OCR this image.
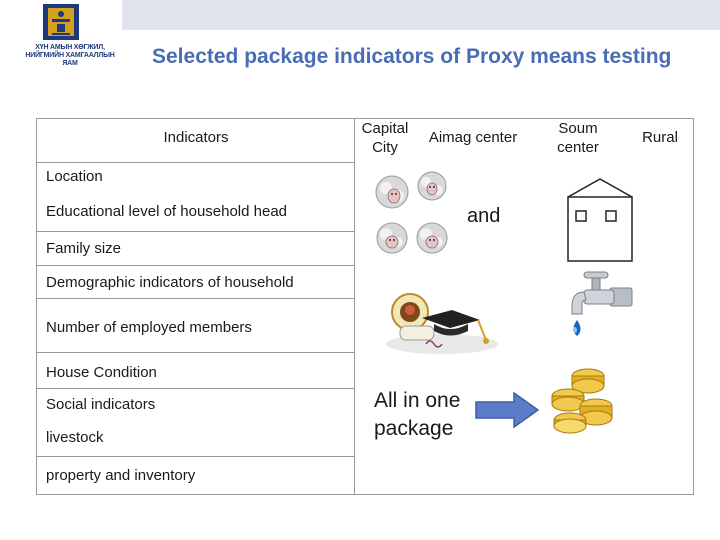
ХҮН АМЫН ХӨГЖИЛ, НИЙГМИЙН ХАМГААЛЛЫН ЯАМ	Selected package indicators of Proxy means testing
Indicators
Capital City
Aimag center
Soum center
Rural
Location
Educational level of household head
Family size
Demographic indicators of household
Number of employed members
House Condition
Social indicators
livestock
property and inventory
and
All in one package
